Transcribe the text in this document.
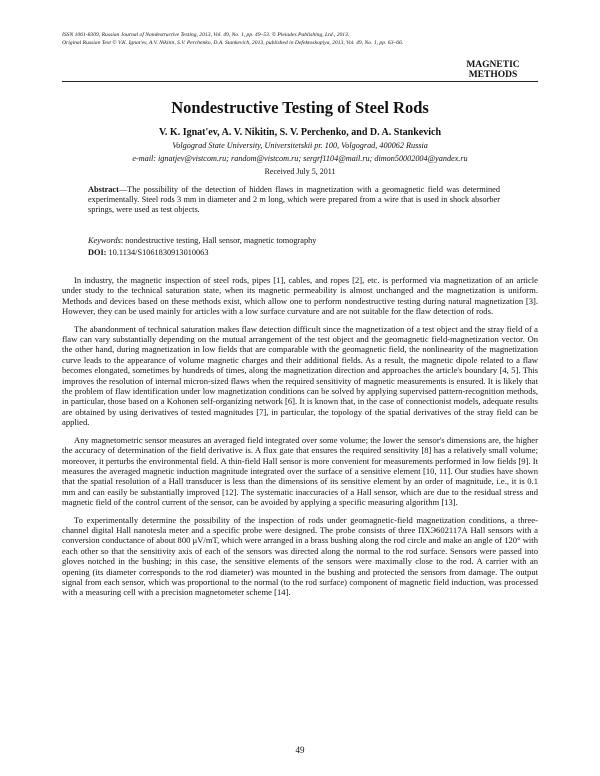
ISSN 1061-8309, Russian Journal of Nondestructive Testing, 2013, Vol. 49, No. 1, pp. 49–53. © Pleiades Publishing, Ltd., 2013.
Original Russian Text © V.K. Ignat'ev, A.V. Nikitin, S.V. Perchenko, D.A. Stankevich, 2013, published in Defektoskopiya, 2013, Vol. 49, No. 1, pp. 63–66.
MAGNETIC
METHODS
Nondestructive Testing of Steel Rods
V. K. Ignat'ev, A. V. Nikitin, S. V. Perchenko, and D. A. Stankevich
Volgograd State University, Universitetskii pr. 100, Volgograd, 400062 Russia
e-mail: ignatjev@vistcom.ru; random@vistcom.ru; sergrf1104@mail.ru; dimon50002004@yandex.ru
Received July 5, 2011

Abstract—The possibility of the detection of hidden flaws in magnetization with a geomagnetic field was determined experimentally. Steel rods 3 mm in diameter and 2 m long, which were prepared from a wire that is used in shock absorber springs, were used as test objects.

Keywords: nondestructive testing, Hall sensor, magnetic tomography

DOI: 10.1134/S1061830913010063

In industry, the magnetic inspection of steel rods, pipes [1], cables, and ropes [2], etc. is performed via magnetization of an article under study to the technical saturation state, when its magnetic permeability is almost unchanged and the magnetization is uniform. Methods and devices based on these methods exist, which allow one to perform nondestructive testing during natural magnetization [3]. However, they can be used mainly for articles with a low surface curvature and are not suitable for the flaw detection of rods.

The abandonment of technical saturation makes flaw detection difficult since the magnetization of a test object and the stray field of a flaw can vary substantially depending on the mutual arrangement of the test object and the geomagnetic field-magnetization vector. On the other hand, during magnetization in low fields that are comparable with the geomagnetic field, the nonlinearity of the magnetization curve leads to the appearance of volume magnetic charges and their additional fields. As a result, the magnetic dipole related to a flaw becomes elongated, sometimes by hundreds of times, along the magnetization direction and approaches the article's boundary [4, 5]. This improves the resolution of internal micron-sized flaws when the required sensitivity of magnetic measurements is ensured. It is likely that the problem of flaw identification under low magnetization conditions can be solved by applying supervised pattern-recognition methods, in particular, those based on a Kohonen self-organizing network [6]. It is known that, in the case of connectionist models, adequate results are obtained by using derivatives of tested magnitudes [7], in particular, the topology of the spatial derivatives of the stray field can be applied.

Any magnetometric sensor measures an averaged field integrated over some volume; the lower the sensor's dimensions are, the higher the accuracy of determination of the field derivative is. A flux gate that ensures the required sensitivity [8] has a relatively small volume; moreover, it perturbs the environmental field. A thin-field Hall sensor is more convenient for measurements performed in low fields [9]. It measures the averaged magnetic induction magnitude integrated over the surface of a sensitive element [10, 11]. Our studies have shown that the spatial resolution of a Hall transducer is less than the dimensions of its sensitive element by an order of magnitude, i.e., it is 0.1 mm and can easily be substantially improved [12]. The systematic inaccuracies of a Hall sensor, which are due to the residual stress and magnetic field of the control current of the sensor, can be avoided by applying a specific measuring algorithm [13].

To experimentally determine the possibility of the inspection of rods under geomagnetic-field magnetization conditions, a three-channel digital Hall nanotesla meter and a specific probe were designed. The probe consists of three ПХЭ602117А Hall sensors with a conversion conductance of about 800 μV/mT, which were arranged in a brass bushing along the rod circle and make an angle of 120° with each other so that the sensitivity axis of each of the sensors was directed along the normal to the rod surface. Sensors were passed into gloves notched in the bushing; in this case, the sensitive elements of the sensors were maximally close to the rod. A carrier with an opening (its diameter corresponds to the rod diameter) was mounted in the bushing and protected the sensors from damage. The output signal from each sensor, which was proportional to the normal (to the rod surface) component of magnetic field induction, was processed with a measuring cell with a precision magnetometer scheme [14].

49
